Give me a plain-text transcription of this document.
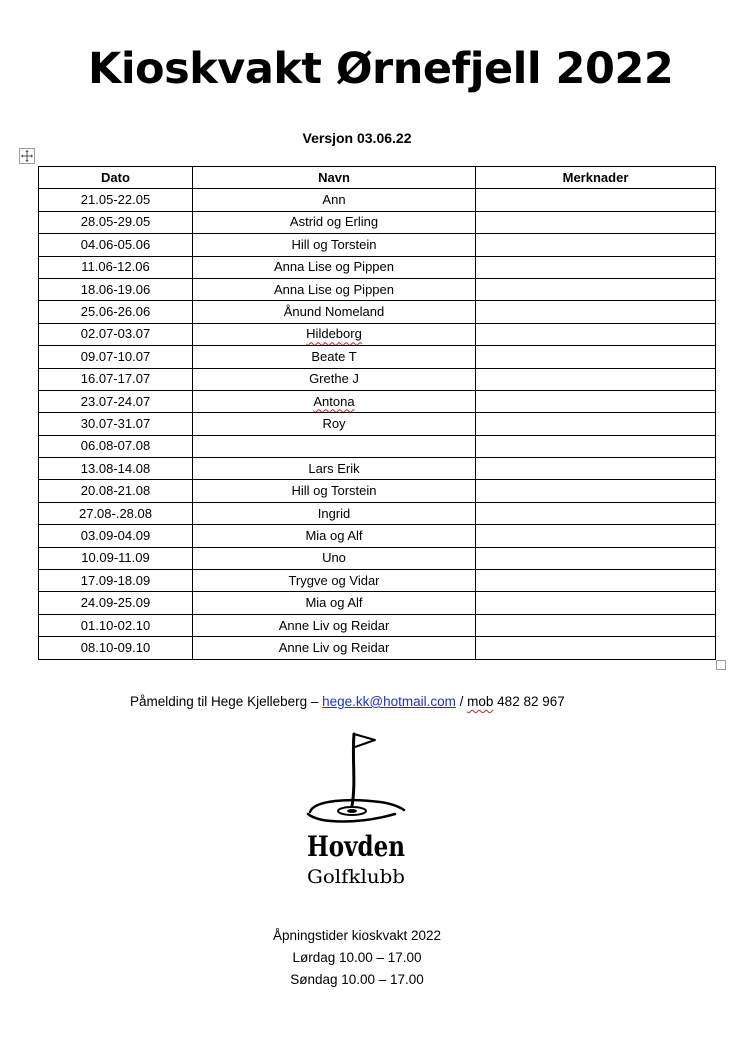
Kioskvakt Ørnefjell 2022
Versjon 03.06.22
Dato	Navn	Merknader
21.05-22.05	Ann	
28.05-29.05	Astrid og Erling	
04.06-05.06	Hill og Torstein	
11.06-12.06	Anna Lise og Pippen	
18.06-19.06	Anna Lise og Pippen	
25.06-26.06	Ånund Nomeland	
02.07-03.07	Hildeborg	
09.07-10.07	Beate T	
16.07-17.07	Grethe J	
23.07-24.07	Antona	
30.07-31.07	Roy	
06.08-07.08		
13.08-14.08	Lars Erik	
20.08-21.08	Hill og Torstein	
27.08-.28.08	Ingrid	
03.09-04.09	Mia og Alf	
10.09-11.09	Uno	
17.09-18.09	Trygve og Vidar	
24.09-25.09	Mia og Alf	
01.10-02.10	Anne Liv og Reidar	
08.10-09.10	Anne Liv og Reidar	
Påmelding til Hege Kjelleberg – hege.kk@hotmail.com / mob 482 82 967
Hovden
Golfklubb
Åpningstider kioskvakt 2022
Lørdag 10.00 – 17.00
Søndag 10.00 – 17.00
